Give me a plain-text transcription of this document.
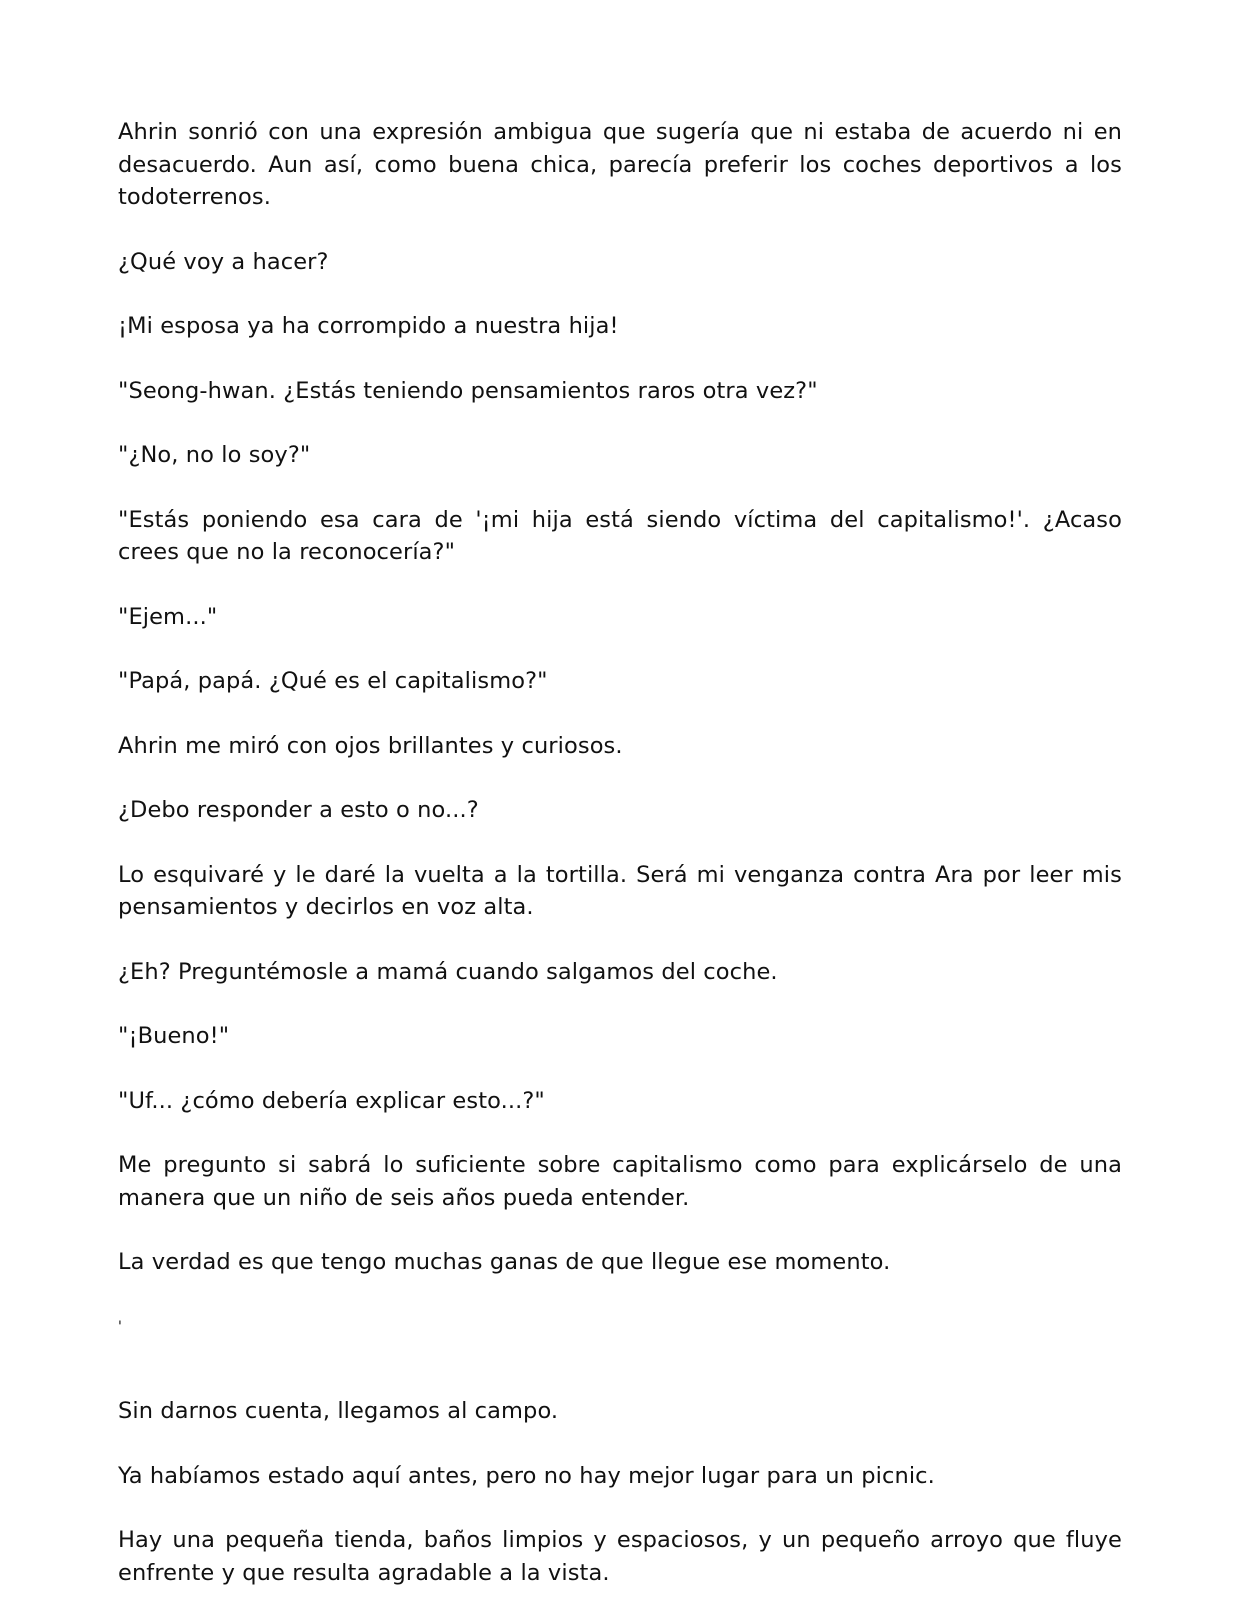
Ahrin sonrió con una expresión ambigua que sugería que ni estaba de acuerdo ni en desacuerdo. Aun así, como buena chica, parecía preferir los coches deportivos a los todoterrenos.

¿Qué voy a hacer?

¡Mi esposa ya ha corrompido a nuestra hija!

"Seong-hwan. ¿Estás teniendo pensamientos raros otra vez?"

"¿No, no lo soy?"

"Estás poniendo esa cara de '¡mi hija está siendo víctima del capitalismo!'. ¿Acaso crees que no la reconocería?"

"Ejem..."

"Papá, papá. ¿Qué es el capitalismo?"

Ahrin me miró con ojos brillantes y curiosos.

¿Debo responder a esto o no...?

Lo esquivaré y le daré la vuelta a la tortilla. Será mi venganza contra Ara por leer mis pensamientos y decirlos en voz alta.

¿Eh? Preguntémosle a mamá cuando salgamos del coche.

"¡Bueno!"

"Uf... ¿cómo debería explicar esto...?"

Me pregunto si sabrá lo suficiente sobre capitalismo como para explicárselo de una manera que un niño de seis años pueda entender.

La verdad es que tengo muchas ganas de que llegue ese momento.

'

Sin darnos cuenta, llegamos al campo.

Ya habíamos estado aquí antes, pero no hay mejor lugar para un picnic.

Hay una pequeña tienda, baños limpios y espaciosos, y un pequeño arroyo que fluye enfrente y que resulta agradable a la vista.
